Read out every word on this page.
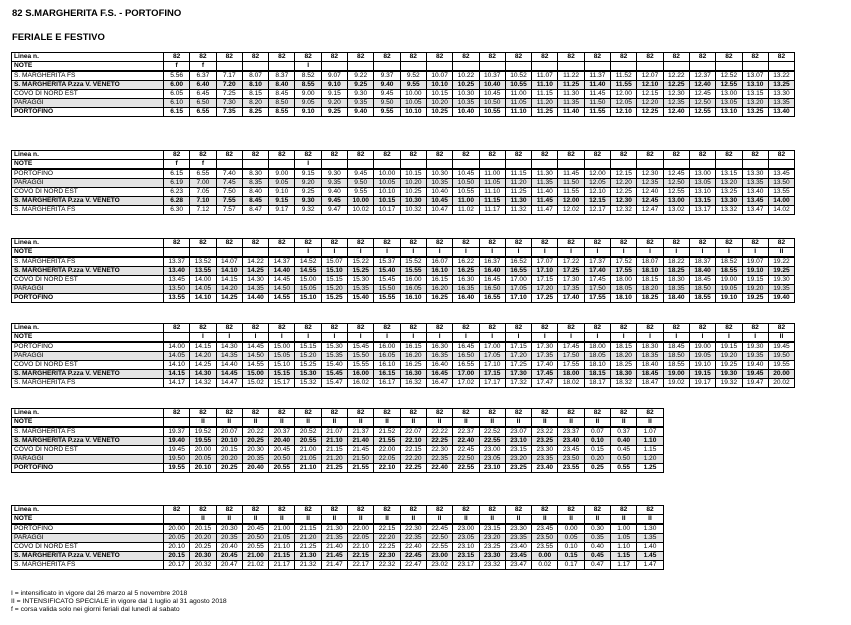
82 S.MARGHERITA F.S. - PORTOFINO
FERIALE E FESTIVO
Linea n.	82	82	82	82	82	82	82	82	82	82	82	82	82	82	82	82	82	82	82	82	82	82	82	82
NOTE	f	f				I																		
S. MARGHERITA FS	5.56	6.37	7.17	8.07	8.37	8.52	9.07	9.22	9.37	9.52	10.07	10.22	10.37	10.52	11.07	11.22	11.37	11.52	12.07	12.22	12.37	12.52	13.07	13.22
S. MARGHERITA P.zza V. VENETO	6.00	6.40	7.20	8.10	8.40	8.55	9.10	9.25	9.40	9.55	10.10	10.25	10.40	10.55	11.10	11.25	11.40	11.55	12.10	12.25	12.40	12.55	13.10	13.25
COVO DI NORD EST	6.05	6.45	7.25	8.15	8.45	9.00	9.15	9.30	9.45	10.00	10.15	10.30	10.45	11.00	11.15	11.30	11.45	12.00	12.15	12.30	12.45	13.00	13.15	13.30
PARAGGI	6.10	6.50	7.30	8.20	8.50	9.05	9.20	9.35	9.50	10.05	10.20	10.35	10.50	11.05	11.20	11.35	11.50	12.05	12.20	12.35	12.50	13.05	13.20	13.35
PORTOFINO	6.15	6.55	7.35	8.25	8.55	9.10	9.25	9.40	9.55	10.10	10.25	10.40	10.55	11.10	11.25	11.40	11.55	12.10	12.25	12.40	12.55	13.10	13.25	13.40
Linea n.	82	82	82	82	82	82	82	82	82	82	82	82	82	82	82	82	82	82	82	82	82	82	82	82
NOTE	f	f				I																		
PORTOFINO	6.15	6.55	7.40	8.30	9.00	9.15	9.30	9.45	10.00	10.15	10.30	10.45	11.00	11.15	11.30	11.45	12.00	12.15	12.30	12.45	13.00	13.15	13.30	13.45
PARAGGI	6.19	7.00	7.45	8.35	9.05	9.20	9.35	9.50	10.05	10.20	10.35	10.50	11.05	11.20	11.35	11.50	12.05	12.20	12.35	12.50	13.05	13.20	13.35	13.50
COVO DI NORD EST	6.23	7.05	7.50	8.40	9.10	9.25	9.40	9.55	10.10	10.25	10.40	10.55	11.10	11.25	11.40	11.55	12.10	12.25	12.40	12.55	13.10	13.25	13.40	13.55
S. MARGHERITA P.zza V. VENETO	6.28	7.10	7.55	8.45	9.15	9.30	9.45	10.00	10.15	10.30	10.45	11.00	11.15	11.30	11.45	12.00	12.15	12.30	12.45	13.00	13.15	13.30	13.45	14.00
S. MARGHERITA FS	6.30	7.12	7.57	8.47	9.17	9.32	9.47	10.02	10.17	10.32	10.47	11.02	11.17	11.32	11.47	12.02	12.17	12.32	12.47	13.02	13.17	13.32	13.47	14.02
Linea n.	82	82	82	82	82	82	82	82	82	82	82	82	82	82	82	82	82	82	82	82	82	82	82	82
NOTE						I	I	I	I	I	I	I	I	I	I	I	I	I	I	I	I	I	I	II
S. MARGHERITA FS	13.37	13.52	14.07	14.22	14.37	14.52	15.07	15.22	15.37	15.52	16.07	16.22	16.37	16.52	17.07	17.22	17.37	17.52	18.07	18.22	18.37	18.52	19.07	19.22
S. MARGHERITA P.zza V. VENETO	13.40	13.55	14.10	14.25	14.40	14.55	15.10	15.25	15.40	15.55	16.10	16.25	16.40	16.55	17.10	17.25	17.40	17.55	18.10	18.25	18.40	18.55	19.10	19.25
COVO DI NORD EST	13.45	14.00	14.15	14.30	14.45	15.00	15.15	15.30	15.45	16.00	16.15	16.30	16.45	17.00	17.15	17.30	17.45	18.00	18.15	18.30	18.45	19.00	19.15	19.30
PARAGGI	13.50	14.05	14.20	14.35	14.50	15.05	15.20	15.35	15.50	16.05	16.20	16.35	16.50	17.05	17.20	17.35	17.50	18.05	18.20	18.35	18.50	19.05	19.20	19.35
PORTOFINO	13.55	14.10	14.25	14.40	14.55	15.10	15.25	15.40	15.55	16.10	16.25	16.40	16.55	17.10	17.25	17.40	17.55	18.10	18.25	18.40	18.55	19.10	19.25	19.40
Linea n.	82	82	82	82	82	82	82	82	82	82	82	82	82	82	82	82	82	82	82	82	82	82	82	82
NOTE		I	I	I	I	I	I	I	I	I	I	I	I	I	I	I	I	I	I	I	I	I	I	II
PORTOFINO	14.00	14.15	14.30	14.45	15.00	15.15	15.30	15.45	16.00	16.15	16.30	16.45	17.00	17.15	17.30	17.45	18.00	18.15	18.30	18.45	19.00	19.15	19.30	19.45
PARAGGI	14.05	14.20	14.35	14.50	15.05	15.20	15.35	15.50	16.05	16.20	16.35	16.50	17.05	17.20	17.35	17.50	18.05	18.20	18.35	18.50	19.05	19.20	19.35	19.50
COVO DI NORD EST	14.10	14.25	14.40	14.55	15.10	15.25	15.40	15.55	16.10	16.25	16.40	16.55	17.10	17.25	17.40	17.55	18.10	18.25	18.40	18.55	19.10	19.25	19.40	19.55
S. MARGHERITA P.zza V. VENETO	14.15	14.30	14.45	15.00	15.15	15.30	15.45	16.00	16.15	16.30	16.45	17.00	17.15	17.30	17.45	18.00	18.15	18.30	18.45	19.00	19.15	19.30	19.45	20.00
S. MARGHERITA FS	14.17	14.32	14.47	15.02	15.17	15.32	15.47	16.02	16.17	16.32	16.47	17.02	17.17	17.32	17.47	18.02	18.17	18.32	18.47	19.02	19.17	19.32	19.47	20.02
Linea n.	82	82	82	82	82	82	82	82	82	82	82	82	82	82	82	82	82	82	82
NOTE		II	II	II	II	II	II	II	II	II	II	II	II	II	II	II	II	II	II
S. MARGHERITA FS	19.37	19.52	20.07	20.22	20.37	20.52	21.07	21.37	21.52	22.07	22.22	22.37	22.52	23.07	23.22	23.37	0.07	0.37	1.07
S. MARGHERITA P.zza V. VENETO	19.40	19.55	20.10	20.25	20.40	20.55	21.10	21.40	21.55	22.10	22.25	22.40	22.55	23.10	23.25	23.40	0.10	0.40	1.10
COVO DI NORD EST	19.45	20.00	20.15	20.30	20.45	21.00	21.15	21.45	22.00	22.15	22.30	22.45	23.00	23.15	23.30	23.45	0.15	0.45	1.15
PARAGGI	19.50	20.05	20.20	20.35	20.50	21.05	21.20	21.50	22.05	22.20	22.35	22.50	23.05	23.20	23.35	23.50	0.20	0.50	1.20
PORTOFINO	19.55	20.10	20.25	20.40	20.55	21.10	21.25	21.55	22.10	22.25	22.40	22.55	23.10	23.25	23.40	23.55	0.25	0.55	1.25
Linea n.	82	82	82	82	82	82	82	82	82	82	82	82	82	82	82	82	82	82	82
NOTE		II	II	II	II	II	II	II	II	II	II	II	II	II	II	II	II	II	II
PORTOFINO	20.00	20.15	20.30	20.45	21.00	21.15	21.30	22.00	22.15	22.30	22.45	23.00	23.15	23.30	23.45	0.00	0.30	1.00	1.30
PARAGGI	20.05	20.20	20.35	20.50	21.05	21.20	21.35	22.05	22.20	22.35	22.50	23.05	23.20	23.35	23.50	0.05	0.35	1.05	1.35
COVO DI NORD EST	20.10	20.25	20.40	20.55	21.10	21.25	21.40	22.10	22.25	22.40	22.55	23.10	23.25	23.40	23.55	0.10	0.40	1.10	1.40
S. MARGHERITA P.zza V. VENETO	20.15	20.30	20.45	21.00	21.15	21.30	21.45	22.15	22.30	22.45	23.00	23.15	23.30	23.45	0.00	0.15	0.45	1.15	1.45
S. MARGHERITA FS	20.17	20.32	20.47	21.02	21.17	21.32	21.47	22.17	22.32	22.47	23.02	23.17	23.32	23.47	0.02	0.17	0.47	1.17	1.47
I = intensificato in vigore dal 26 marzo al 5 novembre 2018
II = INTENSIFICATO SPECIALE in vigore dal 1 luglio al 31 agosto 2018
f = corsa valida solo nei giorni feriali dal lunedì al sabato
